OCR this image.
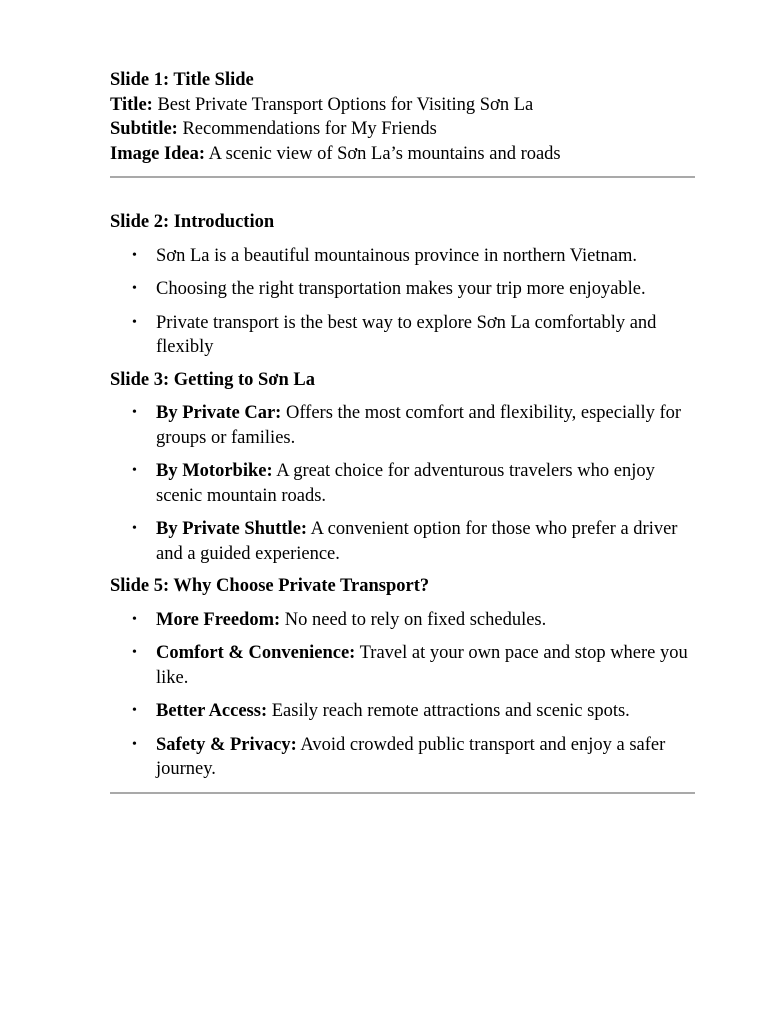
Slide 1: Title Slide

Title: Best Private Transport Options for Visiting Sơn La

Subtitle: Recommendations for My Friends

Image Idea: A scenic view of Sơn La’s mountains and roads

Slide 2: Introduction

• Sơn La is a beautiful mountainous province in northern Vietnam.
• Choosing the right transportation makes your trip more enjoyable.
• Private transport is the best way to explore Sơn La comfortably and flexibly

Slide 3: Getting to Sơn La

• By Private Car: Offers the most comfort and flexibility, especially for groups or families.
• By Motorbike: A great choice for adventurous travelers who enjoy scenic mountain roads.
• By Private Shuttle: A convenient option for those who prefer a driver and a guided experience.

Slide 5: Why Choose Private Transport?

• More Freedom: No need to rely on fixed schedules.
• Comfort & Convenience: Travel at your own pace and stop where you like.
• Better Access: Easily reach remote attractions and scenic spots.
• Safety & Privacy: Avoid crowded public transport and enjoy a safer journey.
